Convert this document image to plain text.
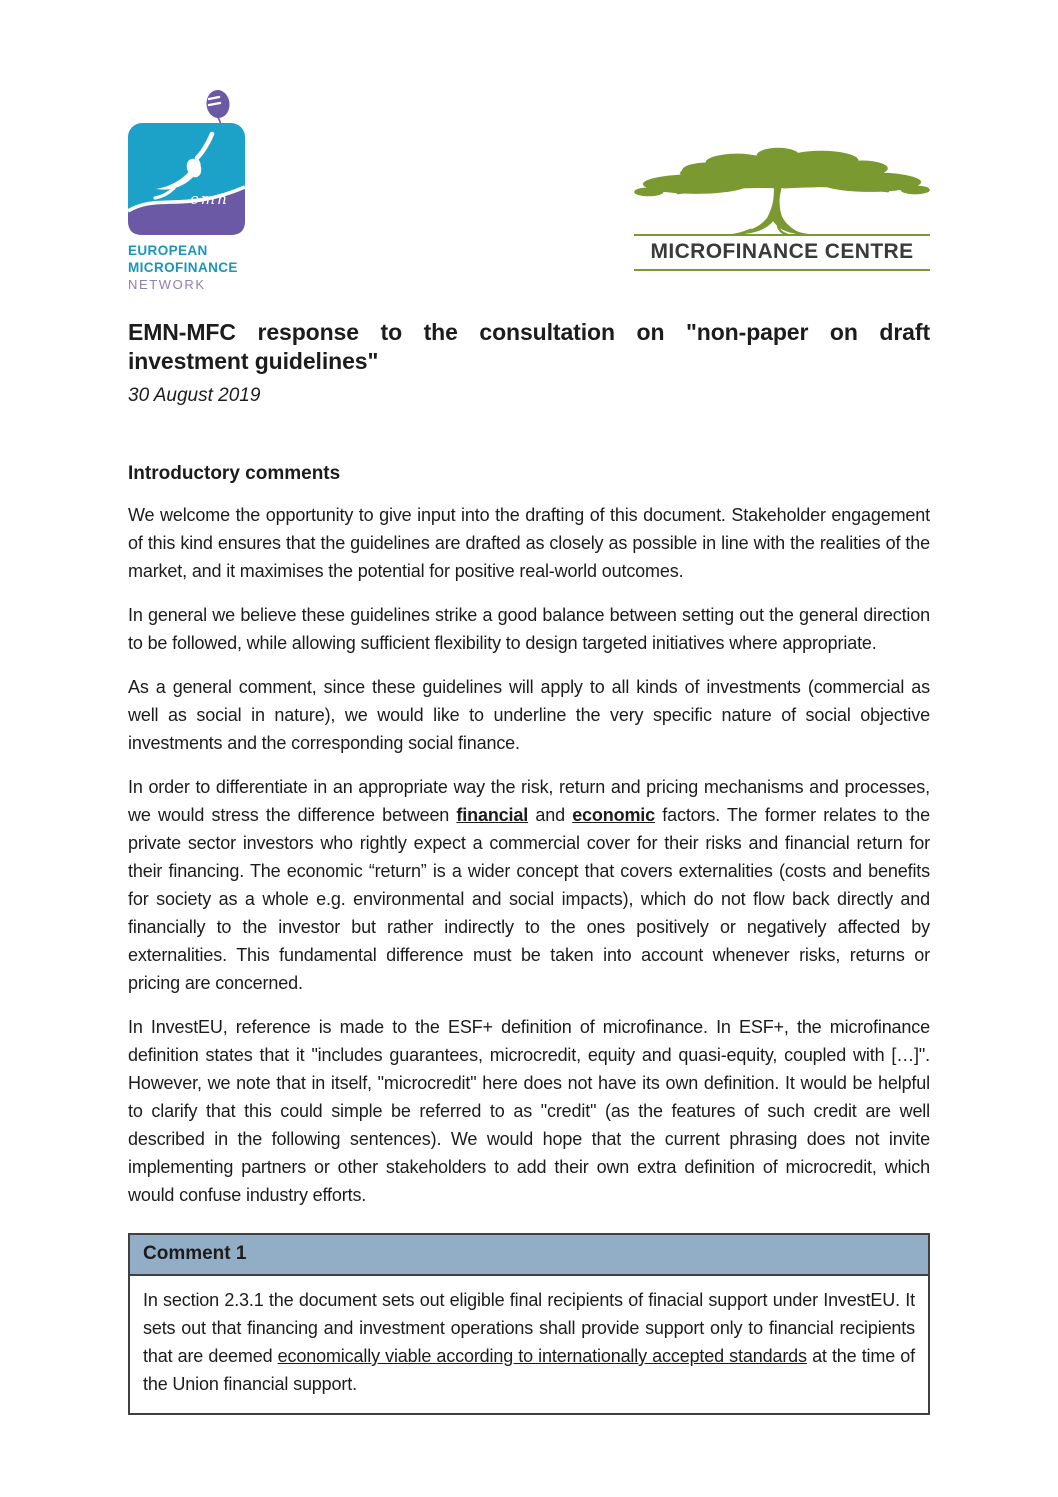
emn
EUROPEAN
MICROFINANCE
NETWORK
MICROFINANCE CENTRE
EMN-MFC response to the consultation on "non-paper on draft investment guidelines"
30 August 2019
Introductory comments

We welcome the opportunity to give input into the drafting of this document. Stakeholder engagement of this kind ensures that the guidelines are drafted as closely as possible in line with the realities of the market, and it maximises the potential for positive real-world outcomes.

In general we believe these guidelines strike a good balance between setting out the general direction to be followed, while allowing sufficient flexibility to design targeted initiatives where appropriate.

As a general comment, since these guidelines will apply to all kinds of investments (commercial as well as social in nature), we would like to underline the very specific nature of social objective investments and the corresponding social finance.

In order to differentiate in an appropriate way the risk, return and pricing mechanisms and processes, we would stress the difference between financial and economic factors. The former relates to the private sector investors who rightly expect a commercial cover for their risks and financial return for their financing. The economic “return” is a wider concept that covers externalities (costs and benefits for society as a whole e.g. environmental and social impacts), which do not flow back directly and financially to the investor but rather indirectly to the ones positively or negatively affected by externalities. This fundamental difference must be taken into account whenever risks, returns or pricing are concerned.

In InvestEU, reference is made to the ESF+ definition of microfinance. In ESF+, the microfinance definition states that it "includes guarantees, microcredit, equity and quasi-equity, coupled with […]". However, we note that in itself, "microcredit" here does not have its own definition. It would be helpful to clarify that this could simple be referred to as "credit" (as the features of such credit are well described in the following sentences). We would hope that the current phrasing does not invite implementing partners or other stakeholders to add their own extra definition of microcredit, which would confuse industry efforts.

Comment 1
In section 2.3.1 the document sets out eligible final recipients of finacial support under InvestEU. It sets out that financing and investment operations shall provide support only to financial recipients that are deemed economically viable according to internationally accepted standards at the time of the Union financial support.
